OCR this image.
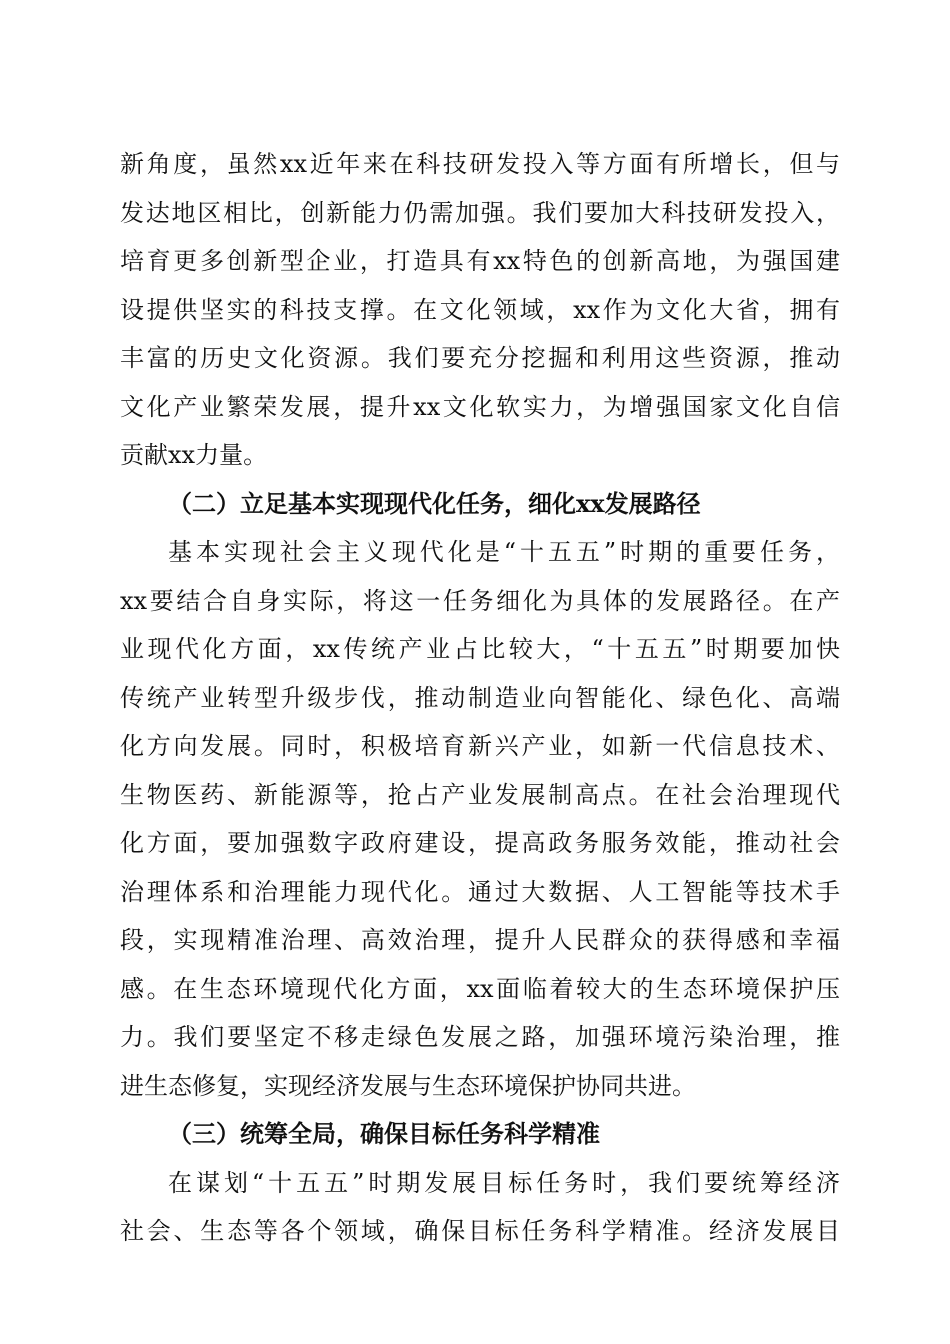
新角度，虽然xx近年来在科技研发投入等方面有所增长，但与
发达地区相比，创新能力仍需加强。我们要加大科技研发投入，
培育更多创新型企业，打造具有xx特色的创新高地，为强国建
设提供坚实的科技支撑。在文化领域，xx作为文化大省，拥有
丰富的历史文化资源。我们要充分挖掘和利用这些资源，推动
文化产业繁荣发展，提升xx文化软实力，为增强国家文化自信
贡献xx力量。
（二）立足基本实现现代化任务，细化xx发展路径
基本实现社会主义现代化是“十五五”时期的重要任务，
xx要结合自身实际，将这一任务细化为具体的发展路径。在产
业现代化方面，xx传统产业占比较大，“十五五”时期要加快
传统产业转型升级步伐，推动制造业向智能化、绿色化、高端
化方向发展。同时，积极培育新兴产业，如新一代信息技术、
生物医药、新能源等，抢占产业发展制高点。在社会治理现代
化方面，要加强数字政府建设，提高政务服务效能，推动社会
治理体系和治理能力现代化。通过大数据、人工智能等技术手
段，实现精准治理、高效治理，提升人民群众的获得感和幸福
感。在生态环境现代化方面，xx面临着较大的生态环境保护压
力。我们要坚定不移走绿色发展之路，加强环境污染治理，推
进生态修复，实现经济发展与生态环境保护协同共进。
（三）统筹全局，确保目标任务科学精准
在谋划“十五五”时期发展目标任务时，我们要统筹经济
社会、生态等各个领域，确保目标任务科学精准。经济发展目
